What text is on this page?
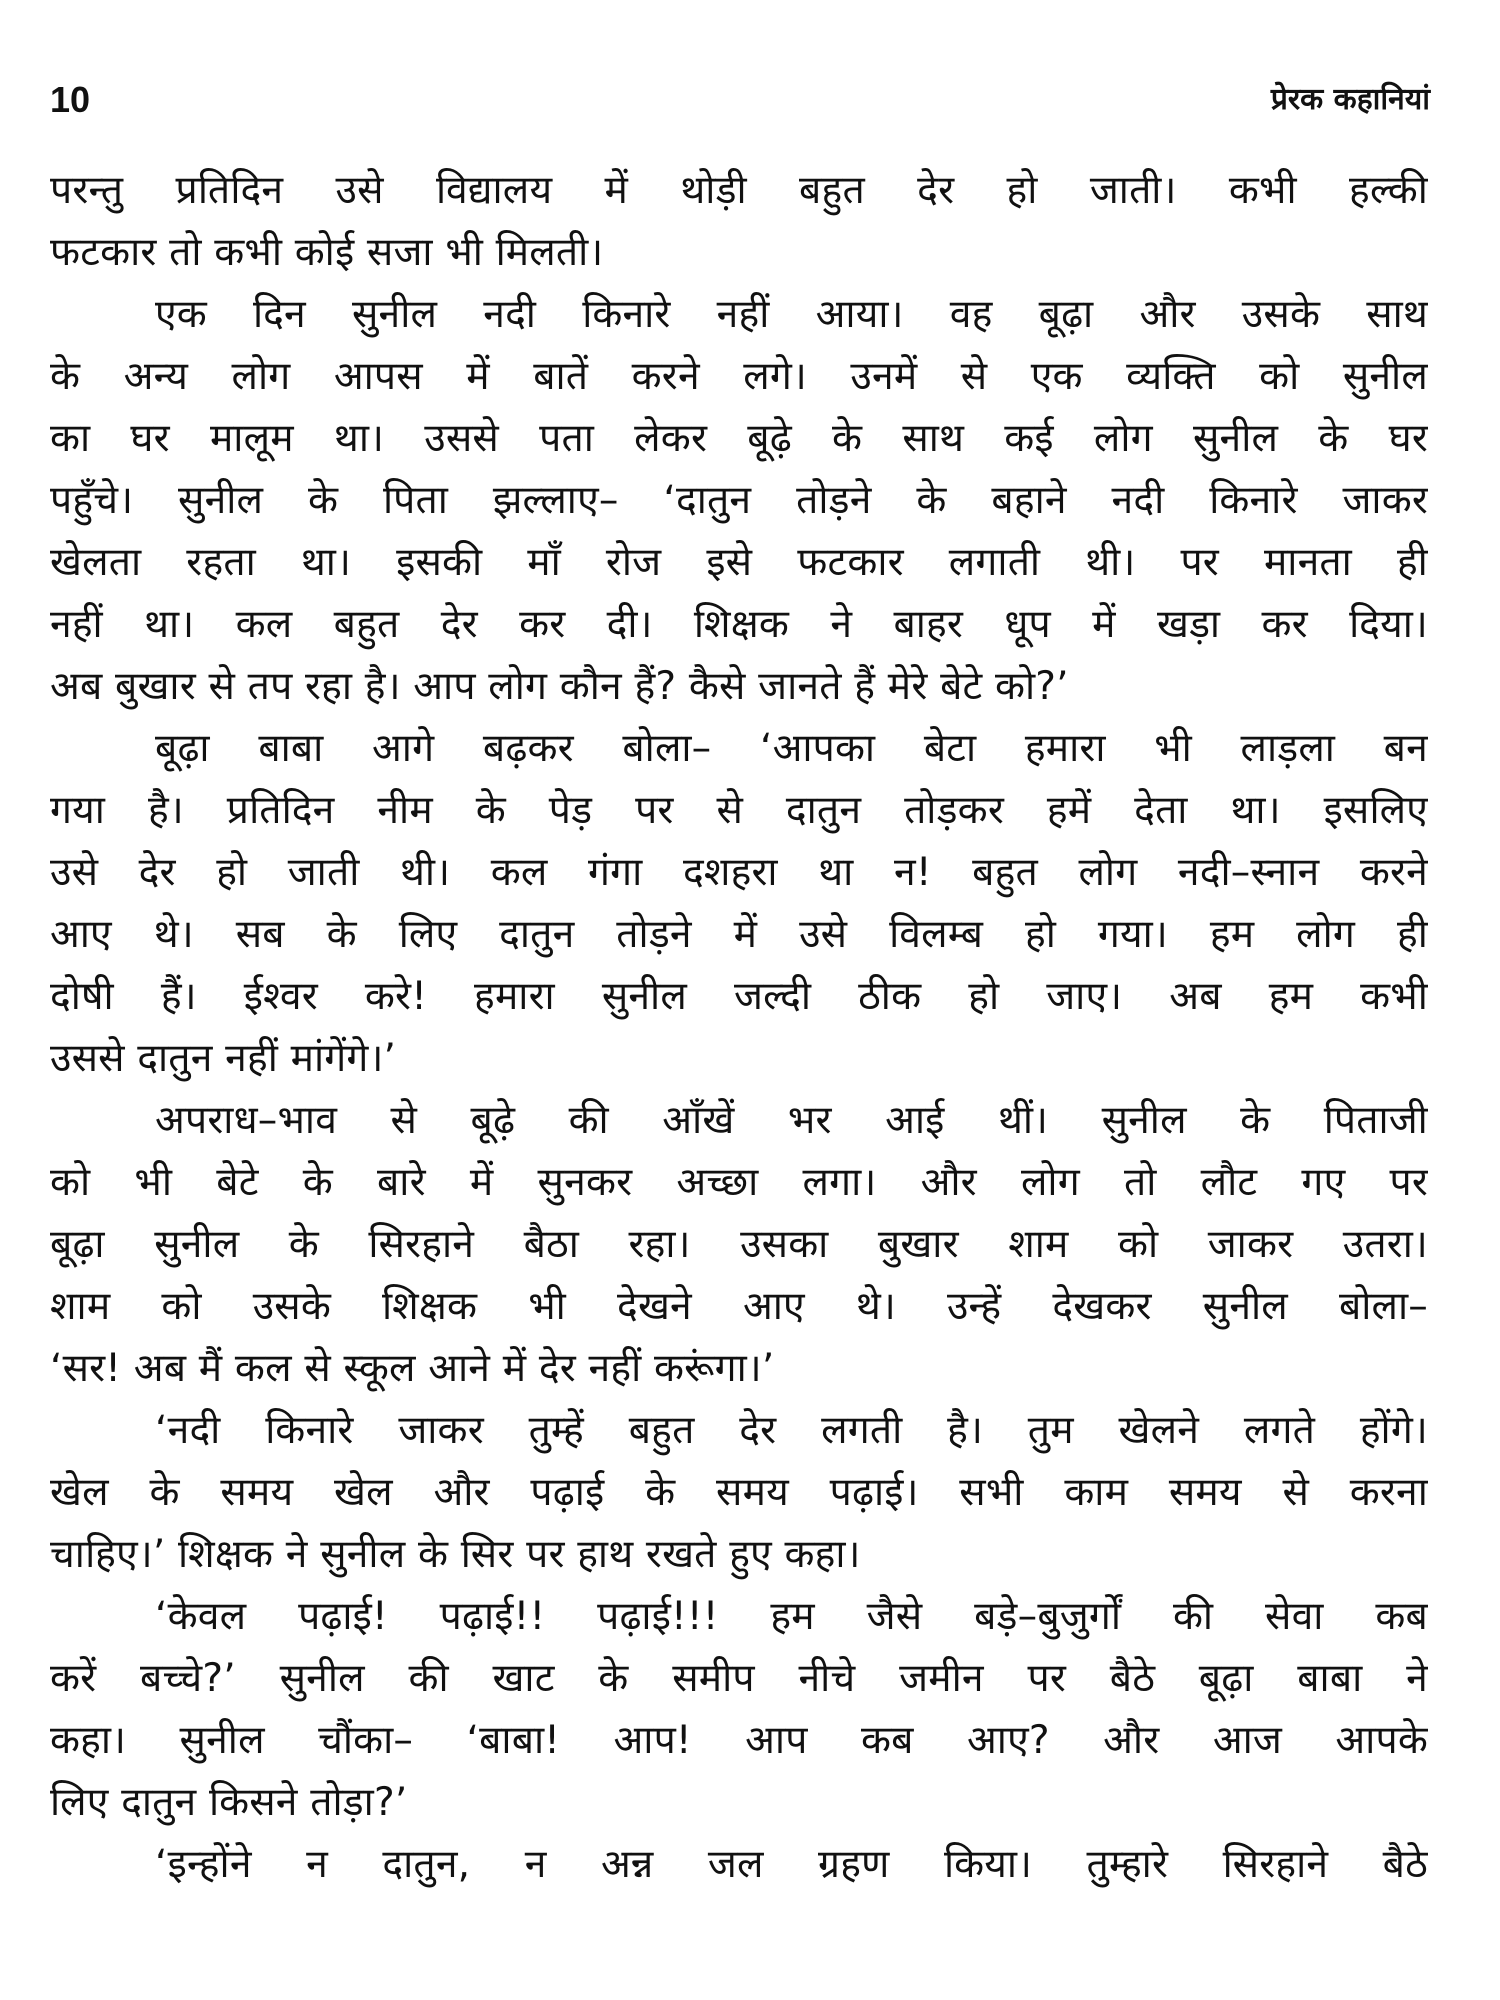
10	प्रेरक कहानियां
परन्तु प्रतिदिन उसे विद्यालय में थोड़ी बहुत देर हो जाती। कभी हल्की
फटकार तो कभी कोई सजा भी मिलती।
एक दिन सुनील नदी किनारे नहीं आया। वह बूढ़ा और उसके साथ
के अन्य लोग आपस में बातें करने लगे। उनमें से एक व्यक्ति को सुनील
का घर मालूम था। उससे पता लेकर बूढ़े के साथ कई लोग सुनील के घर
पहुँचे। सुनील के पिता झल्लाए– ‘दातुन तोड़ने के बहाने नदी किनारे जाकर
खेलता रहता था। इसकी माँ रोज इसे फटकार लगाती थी। पर मानता ही
नहीं था। कल बहुत देर कर दी। शिक्षक ने बाहर धूप में खड़ा कर दिया।
अब बुखार से तप रहा है। आप लोग कौन हैं? कैसे जानते हैं मेरे बेटे को?’
बूढ़ा बाबा आगे बढ़कर बोला– ‘आपका बेटा हमारा भी लाड़ला बन
गया है। प्रतिदिन नीम के पेड़ पर से दातुन तोड़कर हमें देता था। इसलिए
उसे देर हो जाती थी। कल गंगा दशहरा था न! बहुत लोग नदी–स्नान करने
आए थे। सब के लिए दातुन तोड़ने में उसे विलम्ब हो गया। हम लोग ही
दोषी हैं। ईश्वर करे! हमारा सुनील जल्दी ठीक हो जाए। अब हम कभी
उससे दातुन नहीं मांगेंगे।’
अपराध–भाव से बूढ़े की आँखें भर आई थीं। सुनील के पिताजी
को भी बेटे के बारे में सुनकर अच्छा लगा। और लोग तो लौट गए पर
बूढ़ा सुनील के सिरहाने बैठा रहा। उसका बुखार शाम को जाकर उतरा।
शाम को उसके शिक्षक भी देखने आए थे। उन्हें देखकर सुनील बोला–
‘सर! अब मैं कल से स्कूल आने में देर नहीं करूंगा।’
‘नदी किनारे जाकर तुम्हें बहुत देर लगती है। तुम खेलने लगते होंगे।
खेल के समय खेल और पढ़ाई के समय पढ़ाई। सभी काम समय से करना
चाहिए।’ शिक्षक ने सुनील के सिर पर हाथ रखते हुए कहा।
‘केवल पढ़ाई! पढ़ाई!! पढ़ाई!!! हम जैसे बड़े–बुजुर्गों की सेवा कब
करें बच्चे?’ सुनील की खाट के समीप नीचे जमीन पर बैठे बूढ़ा बाबा ने
कहा। सुनील चौंका– ‘बाबा! आप! आप कब आए? और आज आपके
लिए दातुन किसने तोड़ा?’
‘इन्होंने न दातुन, न अन्न जल ग्रहण किया। तुम्हारे सिरहाने बैठे
